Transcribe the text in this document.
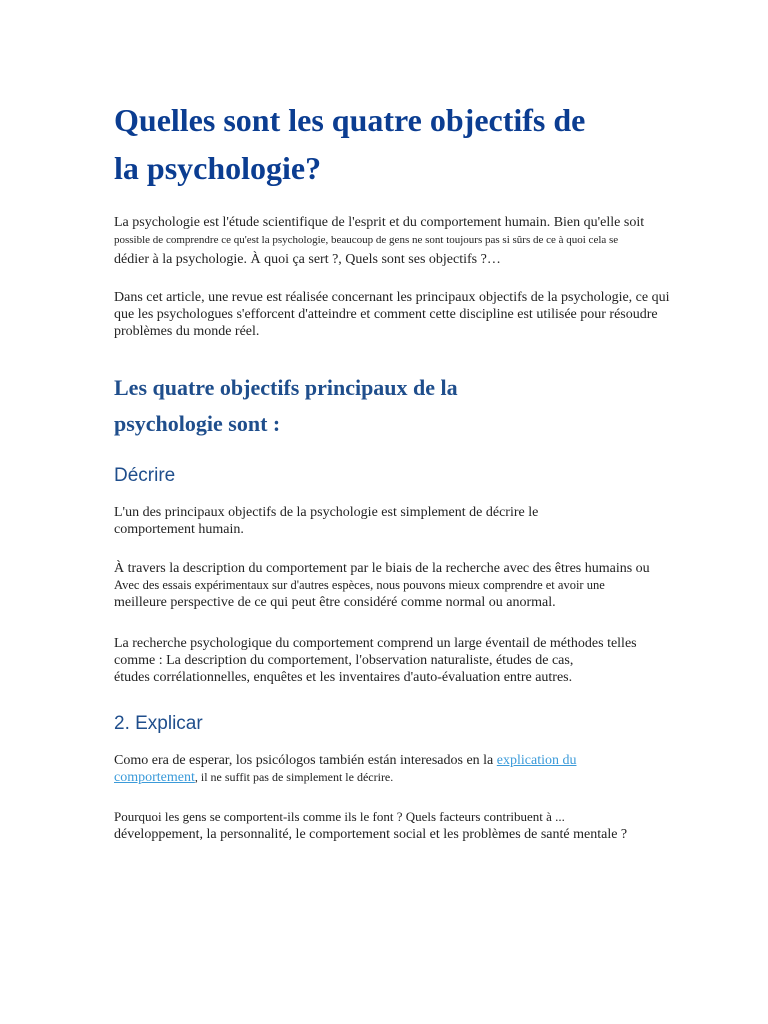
Quelles sont les quatre objectifs de
la psychologie?

La psychologie est l'étude scientifique de l'esprit et du comportement humain. Bien qu'elle soit

possible de comprendre ce qu'est la psychologie, beaucoup de gens ne sont toujours pas si sûrs de ce à quoi cela se

dédier à la psychologie. À quoi ça sert ?, Quels sont ses objectifs ?…

Dans cet article, une revue est réalisée concernant les principaux objectifs de la psychologie, ce qui

que les psychologues s'efforcent d'atteindre et comment cette discipline est utilisée pour résoudre

problèmes du monde réel.

Les quatre objectifs principaux de la
psychologie sont :
Décrire

L'un des principaux objectifs de la psychologie est simplement de décrire le

comportement humain.

À travers la description du comportement par le biais de la recherche avec des êtres humains ou

Avec des essais expérimentaux sur d'autres espèces, nous pouvons mieux comprendre et avoir une

meilleure perspective de ce qui peut être considéré comme normal ou anormal.

La recherche psychologique du comportement comprend un large éventail de méthodes telles

comme : La description du comportement, l'observation naturaliste, études de cas,

études corrélationnelles, enquêtes et les inventaires d'auto-évaluation entre autres.

2. Explicar

Como era de esperar, los psicólogos también están interesados en la explication du

comportement, il ne suffit pas de simplement le décrire.

Pourquoi les gens se comportent-ils comme ils le font ? Quels facteurs contribuent à ...

développement, la personnalité, le comportement social et les problèmes de santé mentale ?
